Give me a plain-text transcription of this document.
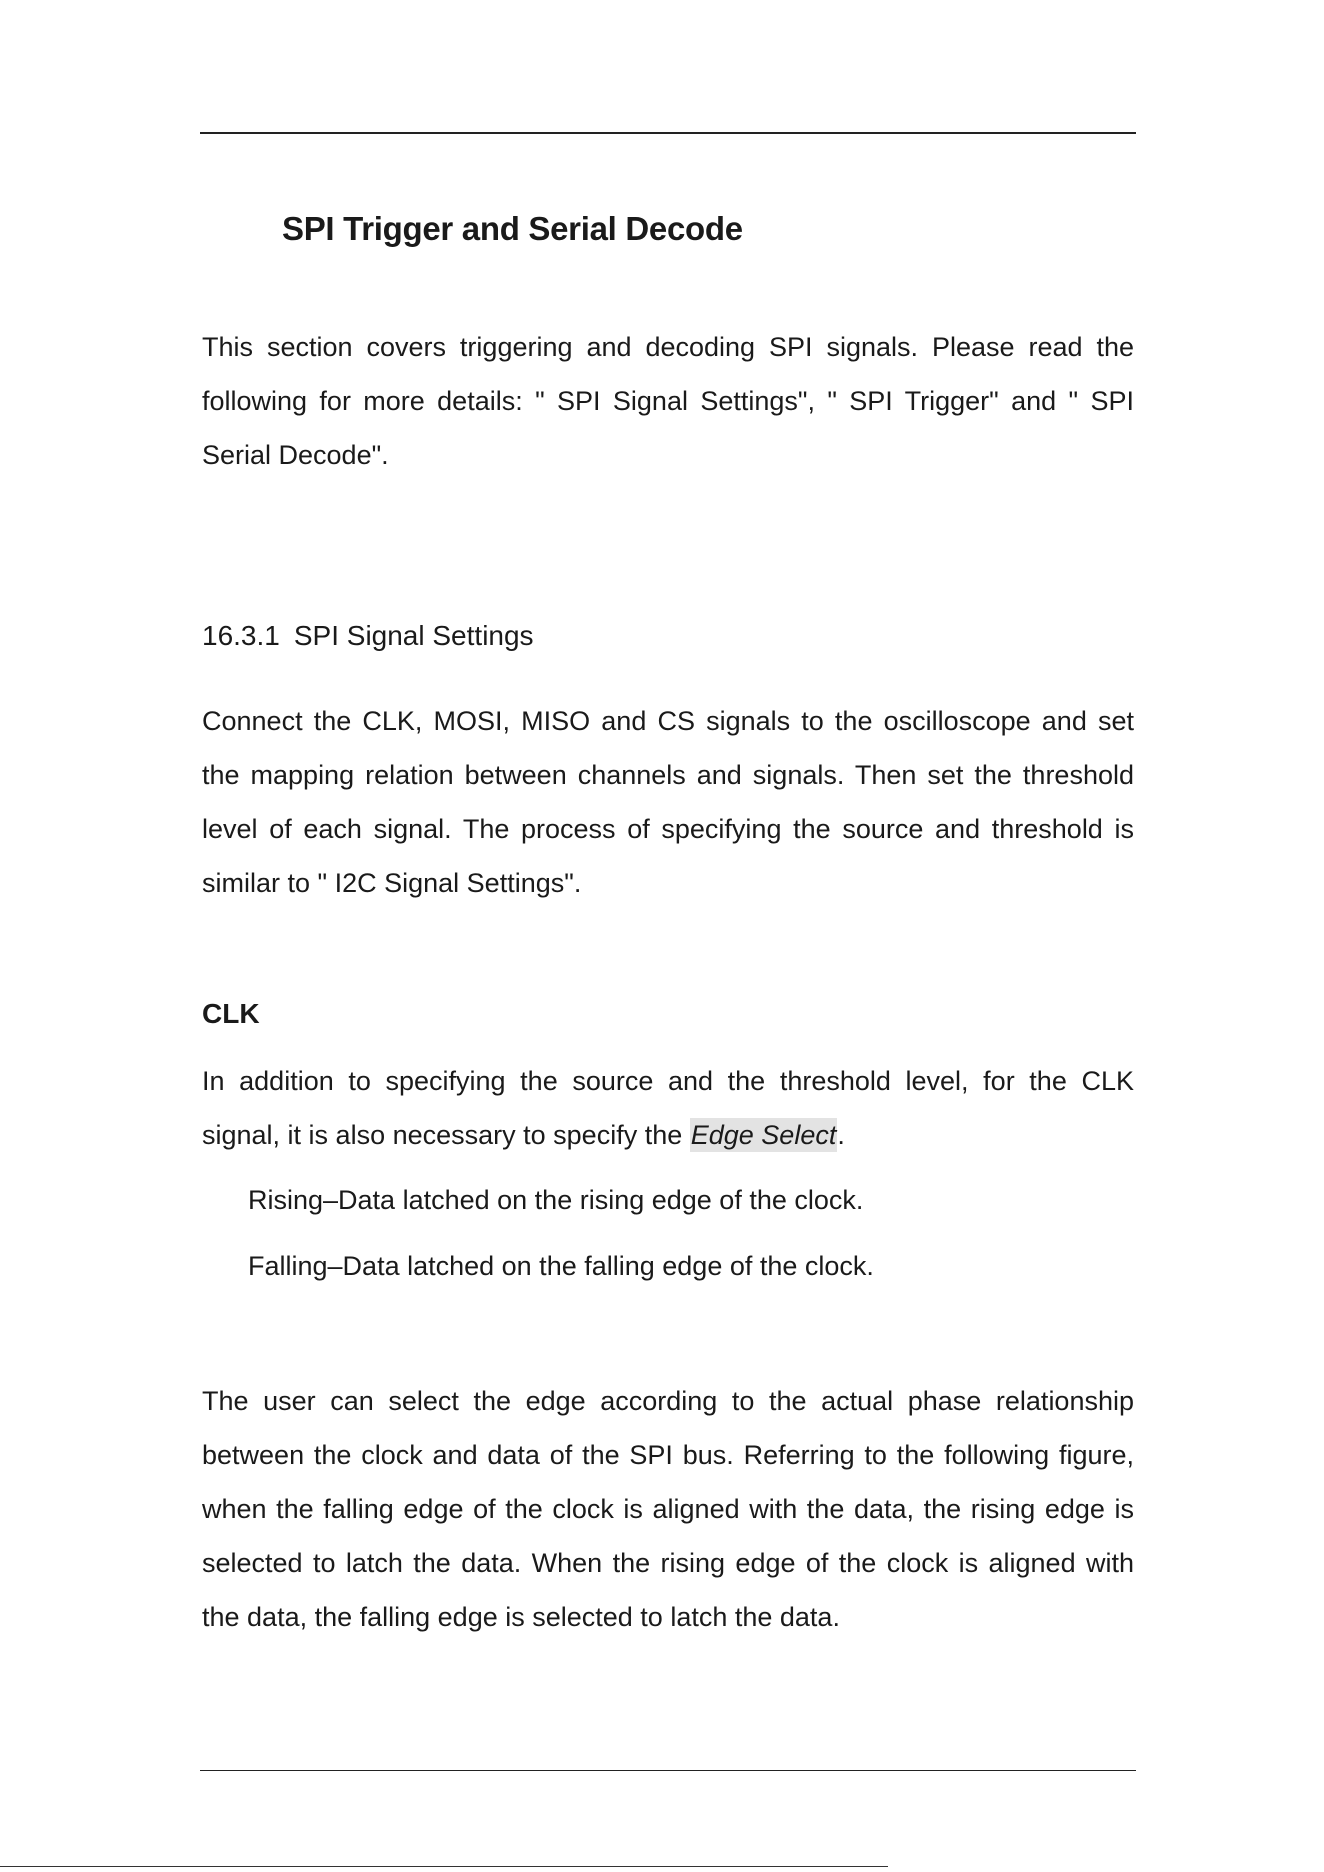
SPI Trigger and Serial Decode

This section covers triggering and decoding SPI signals. Please read the following for more details: " SPI Signal Settings", " SPI Trigger" and " SPI Serial Decode".

16.3.1 SPI Signal Settings

Connect the CLK, MOSI, MISO and CS signals to the oscilloscope and set the mapping relation between channels and signals. Then set the threshold level of each signal. The process of specifying the source and threshold is similar to " I2C Signal Settings".

CLK

In addition to specifying the source and the threshold level, for the CLK signal, it is also necessary to specify the Edge Select.

Rising–Data latched on the rising edge of the clock.

Falling–Data latched on the falling edge of the clock.

The user can select the edge according to the actual phase relationship between the clock and data of the SPI bus. Referring to the following figure, when the falling edge of the clock is aligned with the data, the rising edge is selected to latch the data. When the rising edge of the clock is aligned with the data, the falling edge is selected to latch the data.
